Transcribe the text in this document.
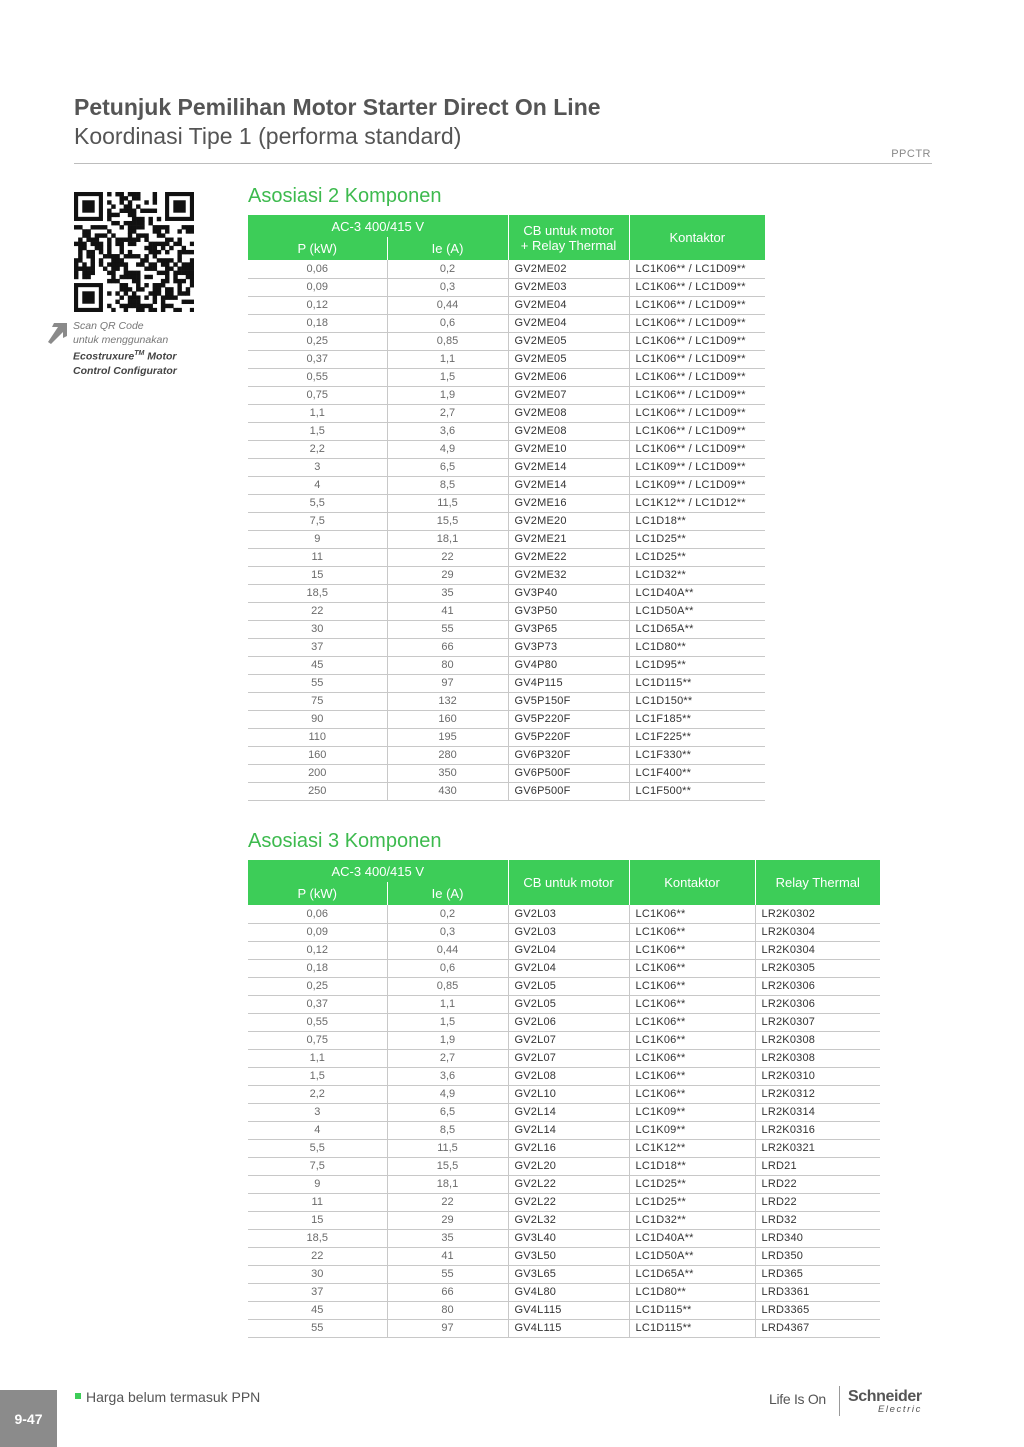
Petunjuk Pemilihan Motor Starter Direct On Line
Koordinasi Tipe 1 (performa standard)
PPCTR
Scan QR Code
untuk menggunakan
Ecostruxure™ Motor
Control Configurator
Asosiasi 2 Komponen
AC-3 400/415 V		CB untuk motor
+ Relay Thermal	Kontaktor
P (kW)	Ie (A)		
0,06	0,2	GV2ME02	LC1K06** / LC1D09**
0,09	0,3	GV2ME03	LC1K06** / LC1D09**
0,12	0,44	GV2ME04	LC1K06** / LC1D09**
0,18	0,6	GV2ME04	LC1K06** / LC1D09**
0,25	0,85	GV2ME05	LC1K06** / LC1D09**
0,37	1,1	GV2ME05	LC1K06** / LC1D09**
0,55	1,5	GV2ME06	LC1K06** / LC1D09**
0,75	1,9	GV2ME07	LC1K06** / LC1D09**
1,1	2,7	GV2ME08	LC1K06** / LC1D09**
1,5	3,6	GV2ME08	LC1K06** / LC1D09**
2,2	4,9	GV2ME10	LC1K06** / LC1D09**
3	6,5	GV2ME14	LC1K09** / LC1D09**
4	8,5	GV2ME14	LC1K09** / LC1D09**
5,5	11,5	GV2ME16	LC1K12** / LC1D12**
7,5	15,5	GV2ME20	LC1D18**
9	18,1	GV2ME21	LC1D25**
11	22	GV2ME22	LC1D25**
15	29	GV2ME32	LC1D32**
18,5	35	GV3P40	LC1D40A**
22	41	GV3P50	LC1D50A**
30	55	GV3P65	LC1D65A**
37	66	GV3P73	LC1D80**
45	80	GV4P80	LC1D95**
55	97	GV4P115	LC1D115**
75	132	GV5P150F	LC1D150**
90	160	GV5P220F	LC1F185**
110	195	GV5P220F	LC1F225**
160	280	GV6P320F	LC1F330**
200	350	GV6P500F	LC1F400**
250	430	GV6P500F	LC1F500**
Asosiasi 3 Komponen
AC-3 400/415 V		CB untuk motor	Kontaktor	Relay Thermal
P (kW)	Ie (A)			
0,06	0,2	GV2L03	LC1K06**	LR2K0302
0,09	0,3	GV2L03	LC1K06**	LR2K0304
0,12	0,44	GV2L04	LC1K06**	LR2K0304
0,18	0,6	GV2L04	LC1K06**	LR2K0305
0,25	0,85	GV2L05	LC1K06**	LR2K0306
0,37	1,1	GV2L05	LC1K06**	LR2K0306
0,55	1,5	GV2L06	LC1K06**	LR2K0307
0,75	1,9	GV2L07	LC1K06**	LR2K0308
1,1	2,7	GV2L07	LC1K06**	LR2K0308
1,5	3,6	GV2L08	LC1K06**	LR2K0310
2,2	4,9	GV2L10	LC1K06**	LR2K0312
3	6,5	GV2L14	LC1K09**	LR2K0314
4	8,5	GV2L14	LC1K09**	LR2K0316
5,5	11,5	GV2L16	LC1K12**	LR2K0321
7,5	15,5	GV2L20	LC1D18**	LRD21
9	18,1	GV2L22	LC1D25**	LRD22
11	22	GV2L22	LC1D25**	LRD22
15	29	GV2L32	LC1D32**	LRD32
18,5	35	GV3L40	LC1D40A**	LRD340
22	41	GV3L50	LC1D50A**	LRD350
30	55	GV3L65	LC1D65A**	LRD365
37	66	GV4L80	LC1D80**	LRD3361
45	80	GV4L115	LC1D115**	LRD3365
55	97	GV4L115	LC1D115**	LRD4367
Harga belum termasuk PPN
9-47
Life Is On Schneider
Electric
